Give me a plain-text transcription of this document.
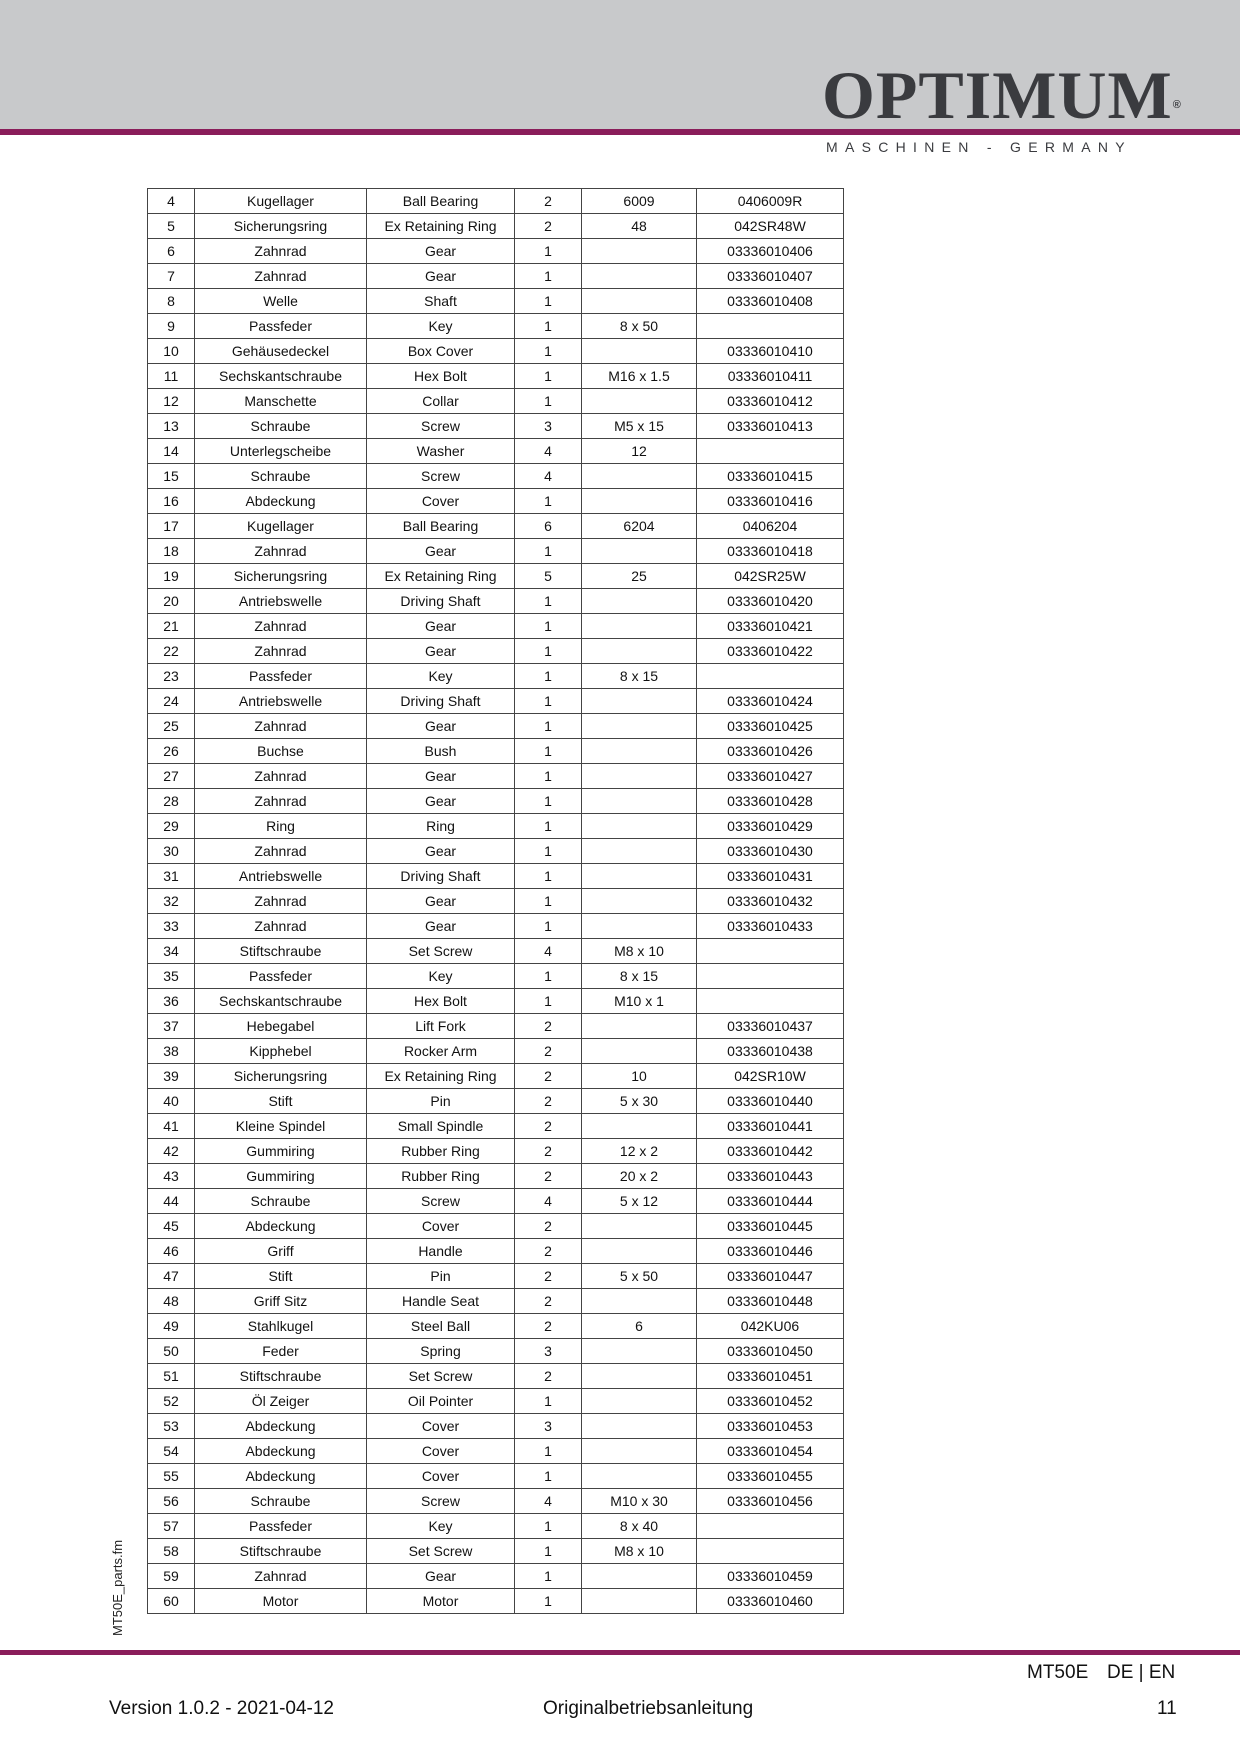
OPTIMUM®
MASCHINEN - GERMANY
4	Kugellager	Ball Bearing	2	6009	0406009R
5	Sicherungsring	Ex Retaining Ring	2	48	042SR48W
6	Zahnrad	Gear	1		03336010406
7	Zahnrad	Gear	1		03336010407
8	Welle	Shaft	1		03336010408
9	Passfeder	Key	1	8 x 50	
10	Gehäusedeckel	Box Cover	1		03336010410
11	Sechskantschraube	Hex Bolt	1	M16 x 1.5	03336010411
12	Manschette	Collar	1		03336010412
13	Schraube	Screw	3	M5 x 15	03336010413
14	Unterlegscheibe	Washer	4	12	
15	Schraube	Screw	4		03336010415
16	Abdeckung	Cover	1		03336010416
17	Kugellager	Ball Bearing	6	6204	0406204
18	Zahnrad	Gear	1		03336010418
19	Sicherungsring	Ex Retaining Ring	5	25	042SR25W
20	Antriebswelle	Driving Shaft	1		03336010420
21	Zahnrad	Gear	1		03336010421
22	Zahnrad	Gear	1		03336010422
23	Passfeder	Key	1	8 x 15	
24	Antriebswelle	Driving Shaft	1		03336010424
25	Zahnrad	Gear	1		03336010425
26	Buchse	Bush	1		03336010426
27	Zahnrad	Gear	1		03336010427
28	Zahnrad	Gear	1		03336010428
29	Ring	Ring	1		03336010429
30	Zahnrad	Gear	1		03336010430
31	Antriebswelle	Driving Shaft	1		03336010431
32	Zahnrad	Gear	1		03336010432
33	Zahnrad	Gear	1		03336010433
34	Stiftschraube	Set Screw	4	M8 x 10	
35	Passfeder	Key	1	8 x 15	
36	Sechskantschraube	Hex Bolt	1	M10 x 1	
37	Hebegabel	Lift Fork	2		03336010437
38	Kipphebel	Rocker Arm	2		03336010438
39	Sicherungsring	Ex Retaining Ring	2	10	042SR10W
40	Stift	Pin	2	5 x 30	03336010440
41	Kleine Spindel	Small Spindle	2		03336010441
42	Gummiring	Rubber Ring	2	12 x 2	03336010442
43	Gummiring	Rubber Ring	2	20 x 2	03336010443
44	Schraube	Screw	4	5 x 12	03336010444
45	Abdeckung	Cover	2		03336010445
46	Griff	Handle	2		03336010446
47	Stift	Pin	2	5 x 50	03336010447
48	Griff Sitz	Handle Seat	2		03336010448
49	Stahlkugel	Steel Ball	2	6	042KU06
50	Feder	Spring	3		03336010450
51	Stiftschraube	Set Screw	2		03336010451
52	Öl Zeiger	Oil Pointer	1		03336010452
53	Abdeckung	Cover	3		03336010453
54	Abdeckung	Cover	1		03336010454
55	Abdeckung	Cover	1		03336010455
56	Schraube	Screw	4	M10 x 30	03336010456
57	Passfeder	Key	1	8 x 40	
58	Stiftschraube	Set Screw	1	M8 x 10	
59	Zahnrad	Gear	1		03336010459
60	Motor	Motor	1		03336010460
MT50E_parts.fm
MT50E DE | EN
Version 1.0.2 - 2021-04-12	Originalbetriebsanleitung	11
